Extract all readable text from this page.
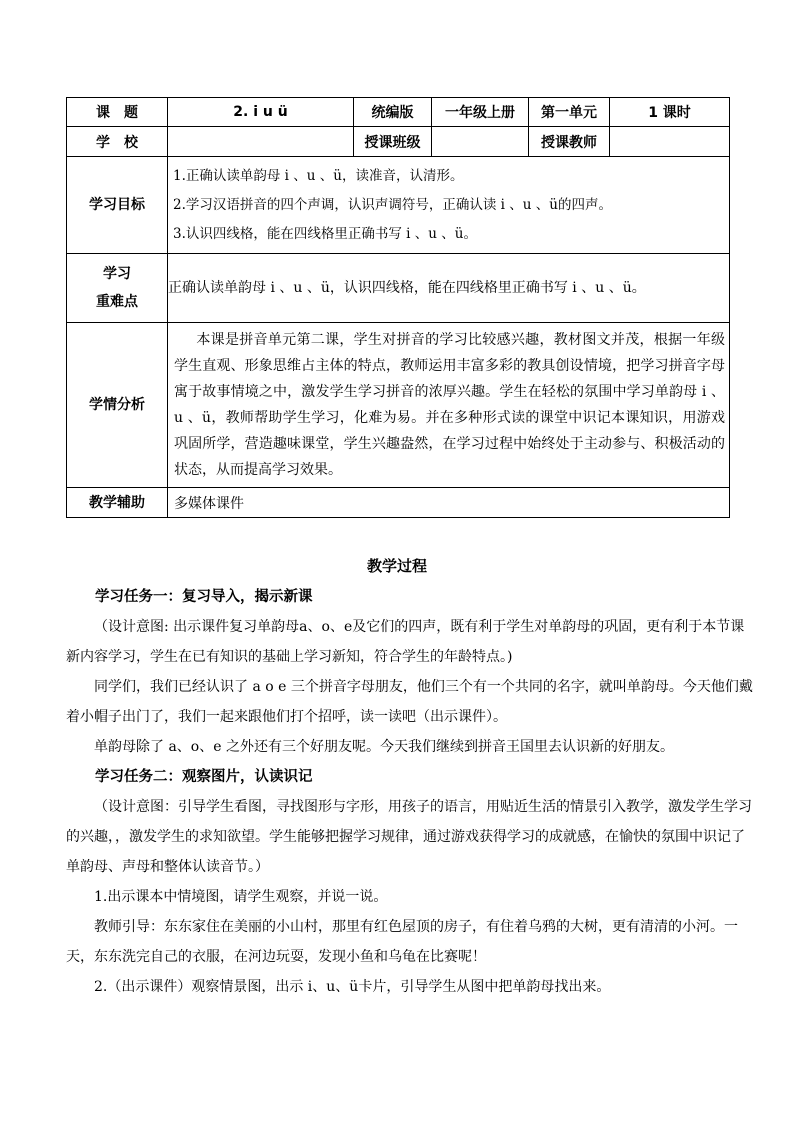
课　题	2. i u ü	统编版	一年级上册	第一单元	1 课时
学　校		授课班级		授课教师	
学习目标	1.正确认读单韵母 i 、u 、ü，读准音，认清形。
2.学习汉语拼音的四个声调，认识声调符号，正确认读 i 、u 、ü的四声。
3.认识四线格，能在四线格里正确书写 i 、u 、ü。				

学习
重难点	正确认读单韵母 i 、u 、ü，认识四线格，能在四线格里正确书写 i 、u 、ü。				
学情分析	本课是拼音单元第二课，学生对拼音的学习比较感兴趣，教材图文并茂，根据一年级学生直观、形象思维占主体的特点，教师运用丰富多彩的教具创设情境，把学习拼音字母寓于故事情境之中，激发学生学习拼音的浓厚兴趣。学生在轻松的氛围中学习单韵母 i 、u 、ü，教师帮助学生学习，化难为易。并在多种形式读的课堂中识记本课知识，用游戏巩固所学，营造趣味课堂，学生兴趣盎然，在学习过程中始终处于主动参与、积极活动的状态，从而提高学习效果。				
教学辅助	多媒体课件				
教学过程

学习任务一：复习导入，揭示新课

（设计意图: 出示课件复习单韵母a、o、e及它们的四声，既有利于学生对单韵母的巩固，更有利于本节课新内容学习，学生在已有知识的基础上学习新知，符合学生的年龄特点。)

同学们，我们已经认识了 a o e 三个拼音字母朋友，他们三个有一个共同的名字，就叫单韵母。今天他们戴着小帽子出门了，我们一起来跟他们打个招呼，读一读吧（出示课件）。

单韵母除了 a、o、e 之外还有三个好朋友呢。今天我们继续到拼音王国里去认识新的好朋友。

学习任务二：观察图片，认读识记

（设计意图：引导学生看图，寻找图形与字形，用孩子的语言，用贴近生活的情景引入教学，激发学生学习的兴趣，，激发学生的求知欲望。学生能够把握学习规律，通过游戏获得学习的成就感，在愉快的氛围中识记了单韵母、声母和整体认读音节。）

1.出示课本中情境图，请学生观察，并说一说。

教师引导：东东家住在美丽的小山村，那里有红色屋顶的房子，有住着乌鸦的大树，更有清清的小河。一天，东东洗完自己的衣服，在河边玩耍，发现小鱼和乌龟在比赛呢！

2.（出示课件）观察情景图，出示 i、u、ü卡片，引导学生从图中把单韵母找出来。
